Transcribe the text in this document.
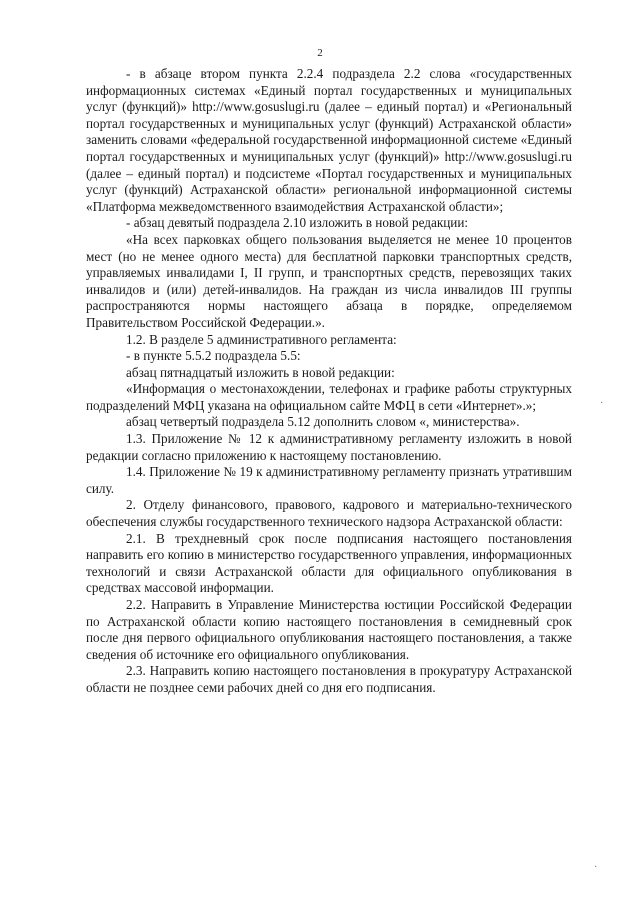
2

- в абзаце втором пункта 2.2.4 подраздела 2.2 слова «государственных информационных системах «Единый портал государственных и муниципальных услуг (функций)» http://www.gosuslugi.ru (далее – единый портал) и «Региональный портал государственных и муниципальных услуг (функций) Астраханской области» заменить словами «федеральной государственной информационной системе «Единый портал государственных и муниципальных услуг (функций)» http://www.gosuslugi.ru (далее – единый портал) и подсистеме «Портал государственных и муниципальных услуг (функций) Астраханской области» региональной информационной системы «Платформа межведомственного взаимодействия Астраханской области»;

- абзац девятый подраздела 2.10 изложить в новой редакции:

«На всех парковках общего пользования выделяется не менее 10 процентов мест (но не менее одного места) для бесплатной парковки транспортных средств, управляемых инвалидами I, II групп, и транспортных средств, перевозящих таких инвалидов и (или) детей-инвалидов. На граждан из числа инвалидов III группы распространяются нормы настоящего абзаца в порядке, определяемом Правительством Российской Федерации.».

1.2. В разделе 5 административного регламента:

- в пункте 5.5.2 подраздела 5.5:

абзац пятнадцатый изложить в новой редакции:

«Информация о местонахождении, телефонах и графике работы структурных подразделений МФЦ указана на официальном сайте МФЦ в сети «Интернет».»;

абзац четвертый подраздела 5.12 дополнить словом «, министерства».

1.3. Приложение № 12 к административному регламенту изложить в новой редакции согласно приложению к настоящему постановлению.

1.4. Приложение № 19 к административному регламенту признать утратившим силу.

2. Отделу финансового, правового, кадрового и материально-технического обеспечения службы государственного технического надзора Астраханской области:

2.1. В трехдневный срок после подписания настоящего постановления направить его копию в министерство государственного управления, информационных технологий и связи Астраханской области для официального опубликования в средствах массовой информации.

2.2. Направить в Управление Министерства юстиции Российской Федерации по Астраханской области копию настоящего постановления в семидневный срок после дня первого официального опубликования настоящего постановления, а также сведения об источнике его официального опубликования.

2.3. Направить копию настоящего постановления в прокуратуру Астраханской области не позднее семи рабочих дней со дня его подписания.

·
·
